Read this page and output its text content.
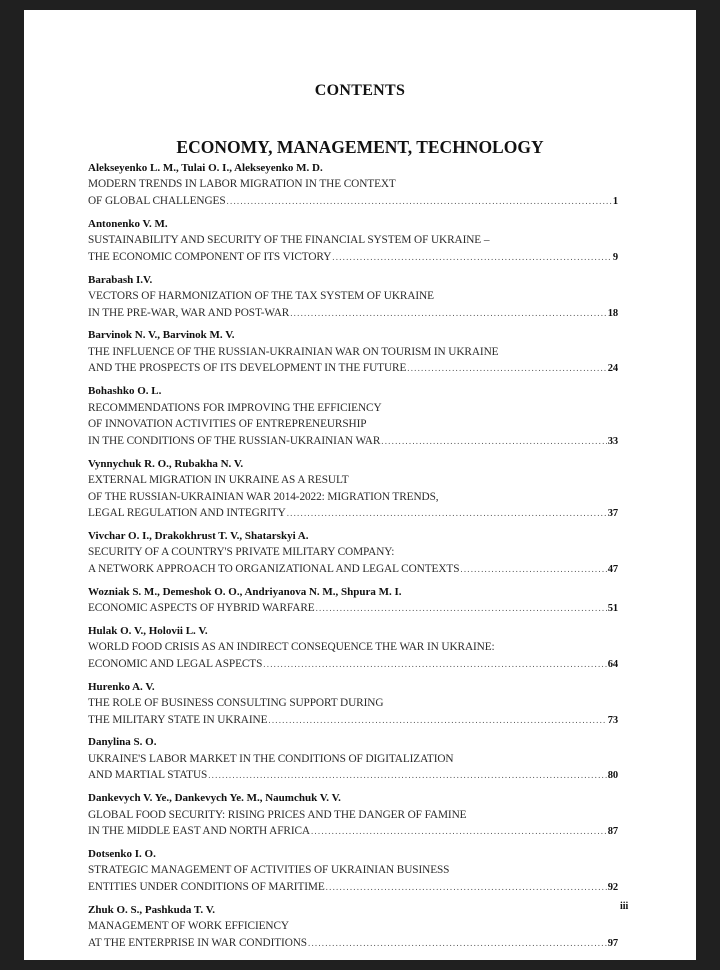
CONTENTS
ECONOMY, MANAGEMENT, TECHNOLOGY
Alekseyenko L. M., Tulai O. I., Alekseyenko M. D.
MODERN TRENDS IN LABOR MIGRATION IN THE CONTEXT
OF GLOBAL CHALLENGES .....	1
Antonenko V. M.
SUSTAINABILITY AND SECURITY OF THE FINANCIAL SYSTEM OF UKRAINE –
THE ECONOMIC COMPONENT OF ITS VICTORY .....	9
Barabash I.V.
VECTORS OF HARMONIZATION OF THE TAX SYSTEM OF UKRAINE
IN THE PRE-WAR, WAR AND POST-WAR .....	18
Barvinok N. V., Barvinok M. V.
THE INFLUENCE OF THE RUSSIAN-UKRAINIAN WAR ON TOURISM IN UKRAINE
AND THE PROSPECTS OF ITS DEVELOPMENT IN THE FUTURE .....	24
Bohashko O. L.
RECOMMENDATIONS FOR IMPROVING THE EFFICIENCY
OF INNOVATION ACTIVITIES OF ENTREPRENEURSHIP
IN THE CONDITIONS OF THE RUSSIAN-UKRAINIAN WAR .....	33
Vynnychuk R. O., Rubakha N. V.
EXTERNAL MIGRATION IN UKRAINE AS A RESULT
OF THE RUSSIAN-UKRAINIAN WAR 2014-2022: MIGRATION TRENDS,
LEGAL REGULATION AND INTEGRITY .....	37
Vivchar O. I., Drakokhrust T. V., Shatarskyi A.
SECURITY OF A COUNTRY'S PRIVATE MILITARY COMPANY:
A NETWORK APPROACH TO ORGANIZATIONAL AND LEGAL CONTEXTS .....	47
Wozniak S. M., Demeshok O. O., Andriyanova N. M., Shpura M. I.
ECONOMIC ASPECTS OF HYBRID WARFARE .....	51
Hulak O. V., Holovii L. V.
WORLD FOOD CRISIS AS AN INDIRECT CONSEQUENCE THE WAR IN UKRAINE:
ECONOMIC AND LEGAL ASPECTS .....	64
Hurenko A. V.
THE ROLE OF BUSINESS CONSULTING SUPPORT DURING
THE MILITARY STATE IN UKRAINE .....	73
Danylina S. O.
UKRAINE'S LABOR MARKET IN THE CONDITIONS OF DIGITALIZATION
AND MARTIAL STATUS .....	80
Dankevych V. Ye., Dankevych Ye. M., Naumchuk V. V.
GLOBAL FOOD SECURITY: RISING PRICES AND THE DANGER OF FAMINE
IN THE MIDDLE EAST AND NORTH AFRICA .....	87
Dotsenko I. O.
STRATEGIC MANAGEMENT OF ACTIVITIES OF UKRAINIAN BUSINESS
ENTITIES UNDER CONDITIONS OF MARITIME .....	92
Zhuk O. S., Pashkuda T. V.
MANAGEMENT OF WORK EFFICIENCY
AT THE ENTERPRISE IN WAR CONDITIONS .....	97
iii
